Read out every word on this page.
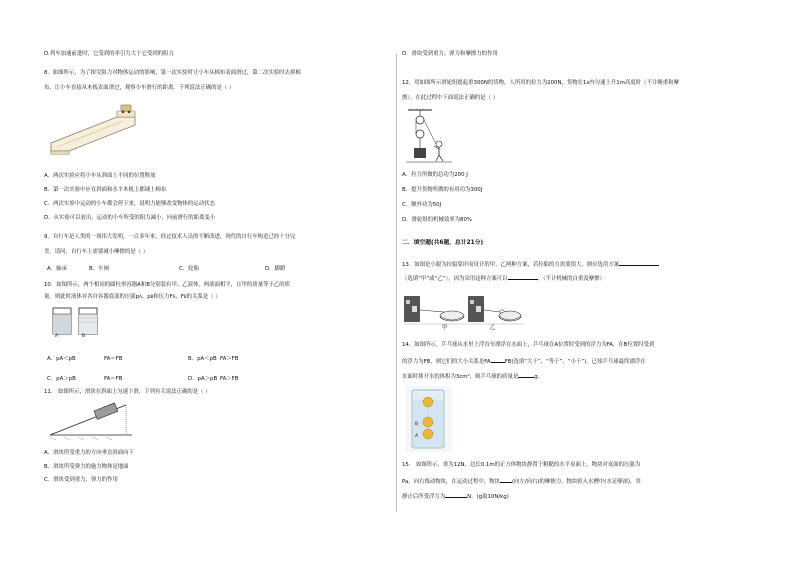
D.列车加速前进时，它受到的牵引力大于它受到的阻力
8．如图所示，为了探究阻力对物体运动的影响，第一次实验时让小车从棉布表面滑过，第二次实验时去掉棉
布，让小车直接从木板表面滑过，观察小车滑行的距离．下列说法正确的是（ ）
A．两次实验应将小车从斜面上不同的位置释放
B．第一次实验中应在斜面和水平木板上都铺上棉布
C．两次实验中运动的小车都会停下来，说明力能够改变物体的运动状态
D．从实验可以看出，运动的小车所受的阻力减小，向前滑行的距离变小
9．自行车是人类的一项伟大发明，一百多年来，经过技术人员的不断改进，现代的自行车构造已经十分完
美。请问，自行车上需要减小摩擦的是（ ）
A．轴承	B．车闸	C．轮胎	D．脚蹬
10．如图所示，两个相同的圆柱形容器A和B分别装有甲、乙液体，两液面相平，且甲的质量等于乙的质
量。则此时液体对各自容器底部的压强pA、pB和压力FA、FB的关系是（ ）
A	B
A．pA＜pB	FA＝FB	B．pA＜pB FA＞FB
C．pA＞pB	FA＝FB	D．pA＞pB FA＞FB
11． 如图所示，滑块在斜面上匀速下滑，下列有关说法正确的是（ ）
A．滑块所受重力的方向垂直斜面向下
B．滑块所受弹力的施力物体是地面
C．滑块受到重力、弹力的作用
D．滑块受到重力、弹力和摩擦力的作用
12．用如图所示滑轮组提起重300N的货物，人所用的拉力为200N，货物在1s内匀速上升1m高度时（不计绳重和摩
擦），在此过程中下面说法正确的是（ ）
A．拉力所做的总功为200 J
B．提升货物所做的有用功为300J
C．额外功为50J
D．滑轮组的机械效率为80%
二．填空题(共6题，总计21分)
13．如图是小聪为拉船靠岸而设计的甲、乙两种方案，若拉船的力需要很大，则应选用方案
（选填“甲”或“乙”），因为采用这种方案可以	。（不计机械的自重及摩擦）
甲	乙
14．如图所示，乒乓球从水里上浮直至漂浮在水面上，乒乓球在A位置时受到的浮力为FA，在B位置时受到
的浮力为FB，则它们的大小关系是FA	FB(选填“大于”、“等于”、“小于”)。已知乒乓球最终漂浮在
水面时排开水的体积为3cm³，则乒乓球的质量是	g。
B
A
15． 如图所示，重为12N、边长0.1m的正方体物块静置于粗糙的水平桌面上，物块对桌面的压强为
Pa。向右推动物块，在运动过程中，物块 (向左/向右)的摩擦力。物块掉入水槽中(水足够深)，其
静止后所受浮力为	N。(g取10N/kg)
